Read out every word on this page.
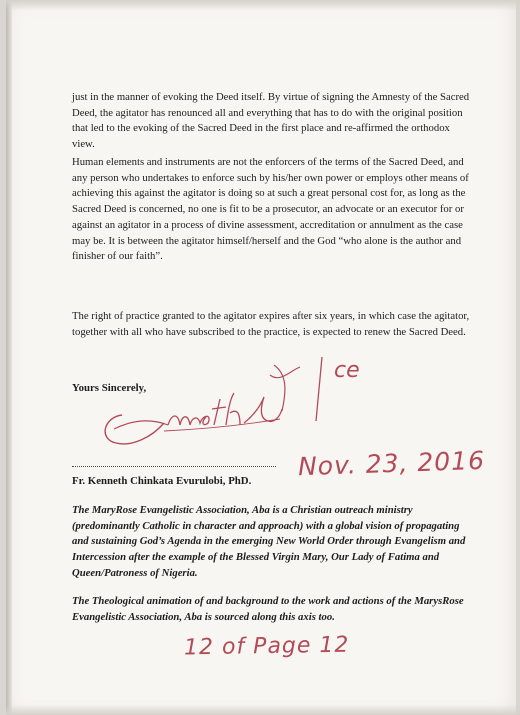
just in the manner of evoking the Deed itself. By virtue of signing the Amnesty of the Sacred Deed, the agitator has renounced all and everything that has to do with the original position that led to the evoking of the Sacred Deed in the first place and re-affirmed the orthodox view.

Human elements and instruments are not the enforcers of the terms of the Sacred Deed, and any person who undertakes to enforce such by his/her own power or employs other means of achieving this against the agitator is doing so at such a great personal cost for, as long as the Sacred Deed is concerned, no one is fit to be a prosecutor, an advocate or an executor for or against an agitator in a process of divine assessment, accreditation or annulment as the case may be. It is between the agitator himself/herself and the God “who alone is the author and finisher of our faith”.

The right of practice granted to the agitator expires after six years, in which case the agitator, together with all who have subscribed to the practice, is expected to renew the Sacred Deed.

Yours Sincerely,

ce

Fr. Kenneth Chinkata Evurulobi, PhD. Nov. 23, 2016

The MaryRose Evangelistic Association, Aba is a Christian outreach ministry (predominantly Catholic in character and approach) with a global vision of propagating and sustaining God’s Agenda in the emerging New World Order through Evangelism and Intercession after the example of the Blessed Virgin Mary, Our Lady of Fatima and Queen/Patroness of Nigeria.

The Theological animation of and background to the work and actions of the MarysRose Evangelistic Association, Aba is sourced along this axis too.

12 of Page 12
